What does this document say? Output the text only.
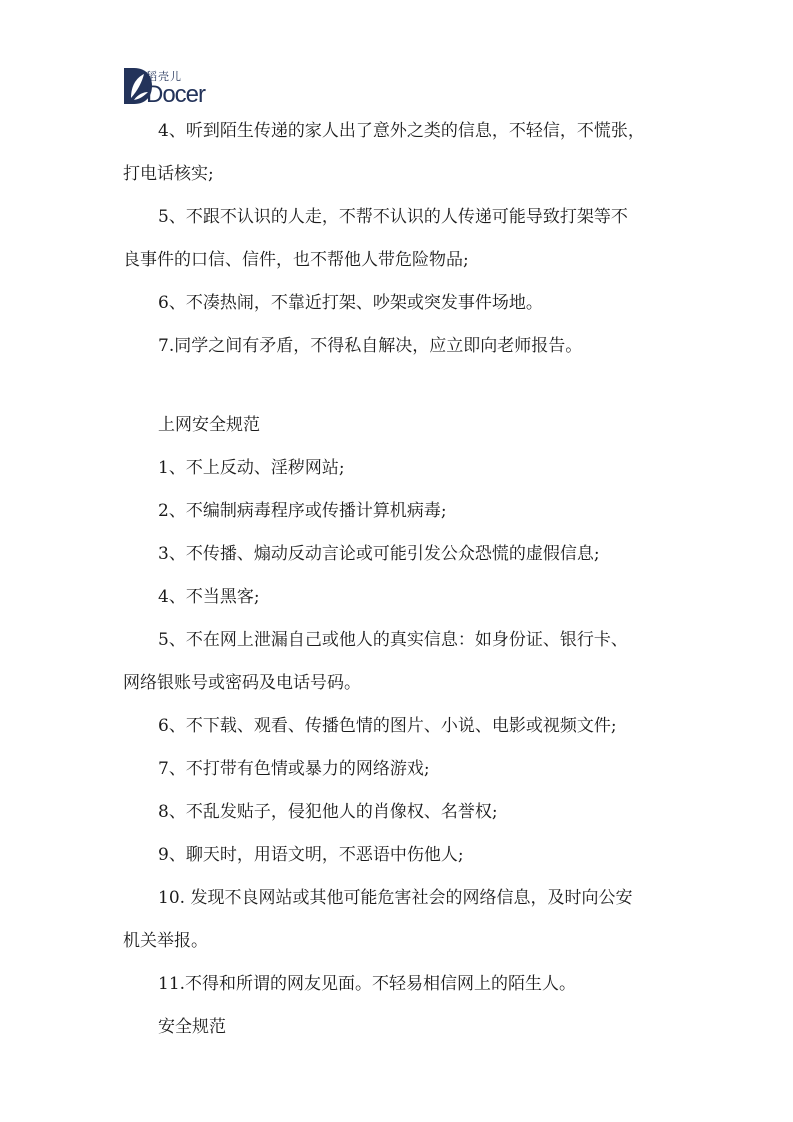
稻壳儿
Docer
4、听到陌生传递的家人出了意外之类的信息，不轻信，不慌张，
打电话核实;
5、不跟不认识的人走，不帮不认识的人传递可能导致打架等不
良事件的口信、信件，也不帮他人带危险物品;
6、不凑热闹，不靠近打架、吵架或突发事件场地。
7.同学之间有矛盾，不得私自解决，应立即向老师报告。
上网安全规范
1、不上反动、淫秽网站;
2、不编制病毒程序或传播计算机病毒;
3、不传播、煽动反动言论或可能引发公众恐慌的虚假信息;
4、不当黑客;
5、不在网上泄漏自己或他人的真实信息：如身份证、银行卡、
网络银账号或密码及电话号码。
6、不下载、观看、传播色情的图片、小说、电影或视频文件;
7、不打带有色情或暴力的网络游戏;
8、不乱发贴子，侵犯他人的肖像权、名誉权;
9、聊天时，用语文明，不恶语中伤他人;
10. 发现不良网站或其他可能危害社会的网络信息，及时向公安
机关举报。
11.不得和所谓的网友见面。不轻易相信网上的陌生人。
安全规范
